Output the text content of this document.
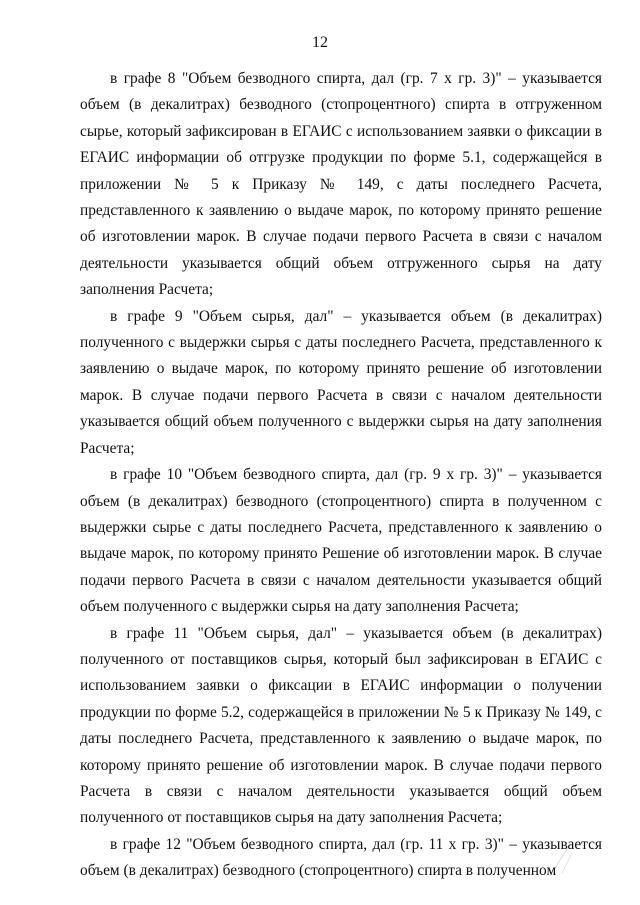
12

в графе 8 "Объем безводного спирта, дал (гр. 7 х гр. 3)" – указывается объем (в декалитрах) безводного (стопроцентного) спирта в отгруженном сырье, который зафиксирован в ЕГАИС с использованием заявки о фиксации в ЕГАИС информации об отгрузке продукции по форме 5.1, содержащейся в приложении № 5 к Приказу № 149, с даты последнего Расчета, представленного к заявлению о выдаче марок, по которому принято решение об изготовлении марок. В случае подачи первого Расчета в связи с началом деятельности указывается общий объем отгруженного сырья на дату заполнения Расчета;

в графе 9 "Объем сырья, дал" – указывается объем (в декалитрах) полученного с выдержки сырья с даты последнего Расчета, представленного к заявлению о выдаче марок, по которому принято решение об изготовлении марок. В случае подачи первого Расчета в связи с началом деятельности указывается общий объем полученного с выдержки сырья на дату заполнения Расчета;

в графе 10 "Объем безводного спирта, дал (гр. 9 х гр. 3)" – указывается объем (в декалитрах) безводного (стопроцентного) спирта в полученном с выдержки сырье с даты последнего Расчета, представленного к заявлению о выдаче марок, по которому принято Решение об изготовлении марок. В случае подачи первого Расчета в связи с началом деятельности указывается общий объем полученного с выдержки сырья на дату заполнения Расчета;

в графе 11 "Объем сырья, дал" – указывается объем (в декалитрах) полученного от поставщиков сырья, который был зафиксирован в ЕГАИС с использованием заявки о фиксации в ЕГАИС информации о получении продукции по форме 5.2, содержащейся в приложении № 5 к Приказу № 149, с даты последнего Расчета, представленного к заявлению о выдаче марок, по которому принято решение об изготовлении марок. В случае подачи первого Расчета в связи с началом деятельности указывается общий объем полученного от поставщиков сырья на дату заполнения Расчета;

в графе 12 "Объем безводного спирта, дал (гр. 11 х гр. 3)" – указывается объем (в декалитрах) безводного (стопроцентного) спирта в полученном
